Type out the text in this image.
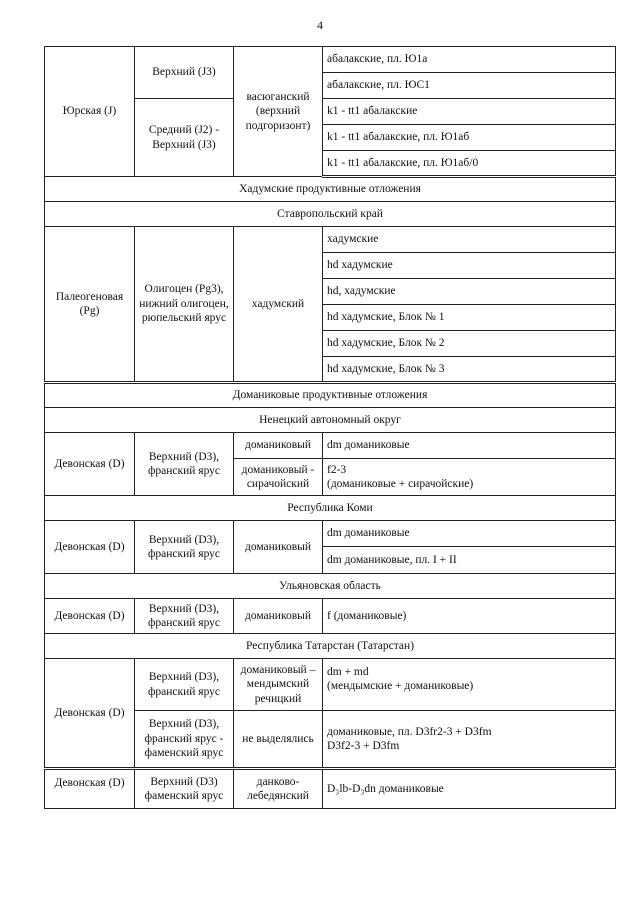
4
Юрская (J)	Верхний (J3)	васюганский (верхний подгоризонт)	абалакские, пл. Ю1а
			абалакские, пл. ЮС1
	Средний (J2) - Верхний (J3)		k1 - tt1 абалакские
			k1 - tt1 абалакские, пл. Ю1аб
			k1 - tt1 абалакские, пл. Ю1аб/0
Хадумские продуктивные отложения			
Ставропольский край			
Палеогеновая (Pg)	Олигоцен (Pg3), нижний олигоцен, рюпельский ярус	хадумский	хадумские
			hd хадумские
			hd, хадумские
			hd хадумские, Блок № 1
			hd хадумские, Блок № 2
			hd хадумские, Блок № 3
Доманиковые продуктивные отложения			
Ненецкий автономный округ			
Девонская (D)	Верхний (D3), франский ярус	доманиковый	dm доманиковые
		доманиковый - сирачойский	f2-3
(доманиковые + сирачойские)

Республика Коми			
Девонская (D)	Верхний (D3), франский ярус	доманиковый	dm доманиковые
			dm доманиковые, пл. I + II
Ульяновская область			
Девонская (D)	Верхний (D3), франский ярус	доманиковый	f (доманиковые)
Республика Татарстан (Татарстан)			
Девонская (D)	Верхний (D3), франский ярус	доманиковый – мендымский речицкий	dm + md
(мендымские + доманиковые)

	Верхний (D3), франский ярус - фаменский ярус	не выделялись	доманиковые, пл. D3fr2-3 + D3fm
D3f2-3 + D3fm

Девонская (D)	Верхний (D3) фаменский ярус	данково-лебедянский	D₃lb-D₃dn доманиковые
